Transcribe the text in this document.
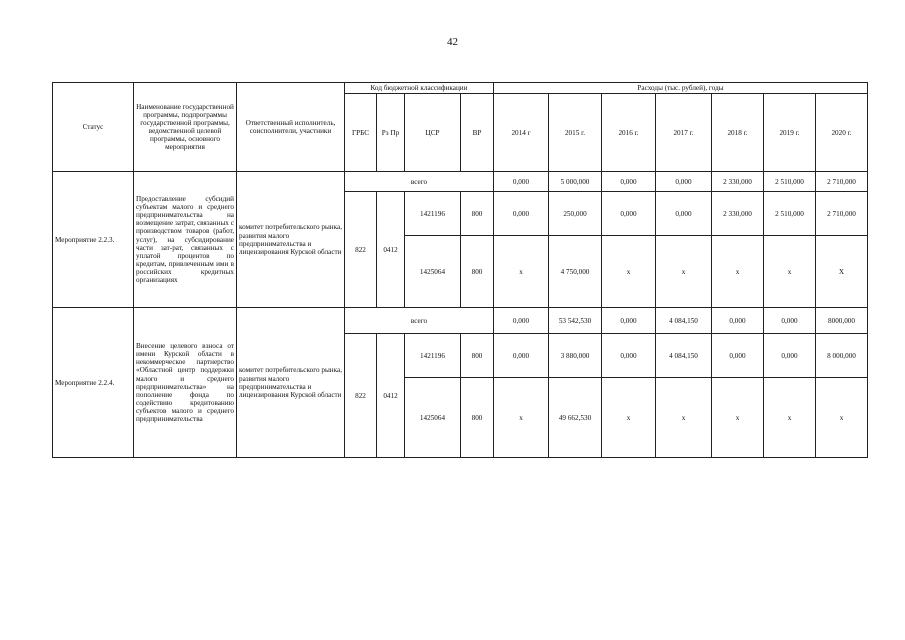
42
Статус	Наименование государственной программы, подпрограммы государственной программы, ведомственной целевой программы, основного мероприятия	Ответственный исполнитель, соисполнители, участники	Код бюджетной классификации				Расходы (тыс. рублей), годы						
			ГРБС	Рз Пр	ЦСР	ВР	2014 г	2015 г.	2016 г.	2017 г.	2018 г.	2019 г.	2020 г.
Мероприятие 2.2.3.	Предоставление субсидий субъектам малого и среднего предпринимательства на возмещение затрат, связанных с производством товаров (работ, услуг), на субсидирование части зат-рат, связанных с уплатой процентов по кредитам, привлеченным ими в российских кредитных организациях	комитет потребительского рынка, развития малого предпринимательства и лицензирования Курской области	всего				0,000	5 000,000	0,000	0,000	2 330,000	2 510,000	2 710,000
			822	0412	1421196	800	0,000	250,000	0,000	0,000	2 330,000	2 510,000	2 710,000
					1425064	800	x	4 750,000	x	x	x	x	X
Мероприятие 2.2.4.	Внесение целевого взноса от имени Курской области в некоммерческое партнерство «Областной центр поддержки малого и среднего предпринимательства» на пополнение фонда по содействию кредитованию субъектов малого и среднего предпринимательства	комитет потребительского рынка, развития малого предпринимательства и лицензирования Курской области	всего				0,000	53 542,530	0,000	4 084,150	0,000	0,000	8000,000
			822	0412	1421196	800	0,000	3 880,000	0,000	4 084,150	0,000	0,000	8 000,000
					1425064	800	x	49 662,530	x	x	x	x	x
